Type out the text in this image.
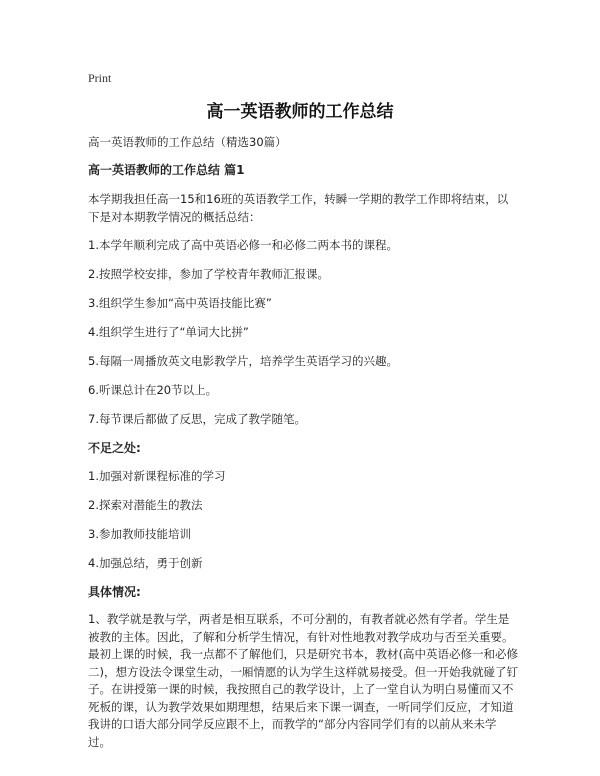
Print
高一英语教师的工作总结

高一英语教师的工作总结（精选30篇）

高一英语教师的工作总结 篇1

本学期我担任高一15和16班的英语教学工作，转瞬一学期的教学工作即将结束，以下是对本期教学情况的概括总结：

1.本学年顺利完成了高中英语必修一和必修二两本书的课程。

2.按照学校安排，参加了学校青年教师汇报课。

3.组织学生参加“高中英语技能比赛”

4.组织学生进行了“单词大比拼”

5.每隔一周播放英文电影教学片，培养学生英语学习的兴趣。

6.听课总计在20节以上。

7.每节课后都做了反思，完成了教学随笔。

不足之处:

1.加强对新课程标准的学习

2.探索对潜能生的教法

3.参加教师技能培训

4.加强总结，勇于创新

具体情况:

1、教学就是教与学，两者是相互联系，不可分割的，有教者就必然有学者。学生是被教的主体。因此，了解和分析学生情况，有针对性地教对教学成功与否至关重要。最初上课的时候，我一点都不了解他们，只是研究书本，教材(高中英语必修一和必修二)，想方设法令课堂生动，一厢情愿的认为学生这样就易接受。但一开始我就碰了钉子。在讲授第一课的时候，我按照自己的教学设计，上了一堂自认为明白易懂而又不死板的课，认为教学效果如期理想，结果后来下课一调查，一听同学们反应，才知道我讲的口语大部分同学反应跟不上，而教学的“部分内容同学们有的以前从来未学过。
